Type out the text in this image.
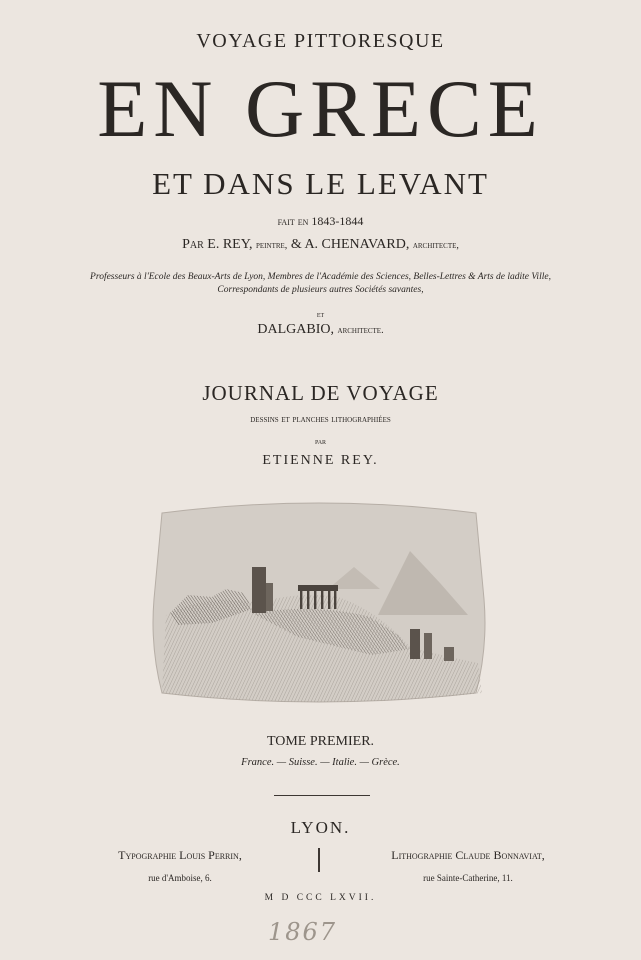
VOYAGE PITTORESQUE
EN GRECE
ET DANS LE LEVANT
fait en 1843-1844
Par E. REY, peintre, & A. CHENAVARD, architecte,
Professeurs à l'Ecole des Beaux-Arts de Lyon, Membres de l'Académie des Sciences, Belles-Lettres & Arts de ladite Ville,
Correspondants de plusieurs autres Sociétés savantes,
et
DALGABIO, architecte.
JOURNAL DE VOYAGE
dessins et planches lithographiées
par
ETIENNE REY.
TOME PREMIER.
France. — Suisse. — Italie. — Grèce.
LYON.
Typographie Louis Perrin,
rue d'Amboise, 6.
Lithographie Claude Bonnaviat,
rue Sainte-Catherine, 11.
M D CCC LXVII.
1867
